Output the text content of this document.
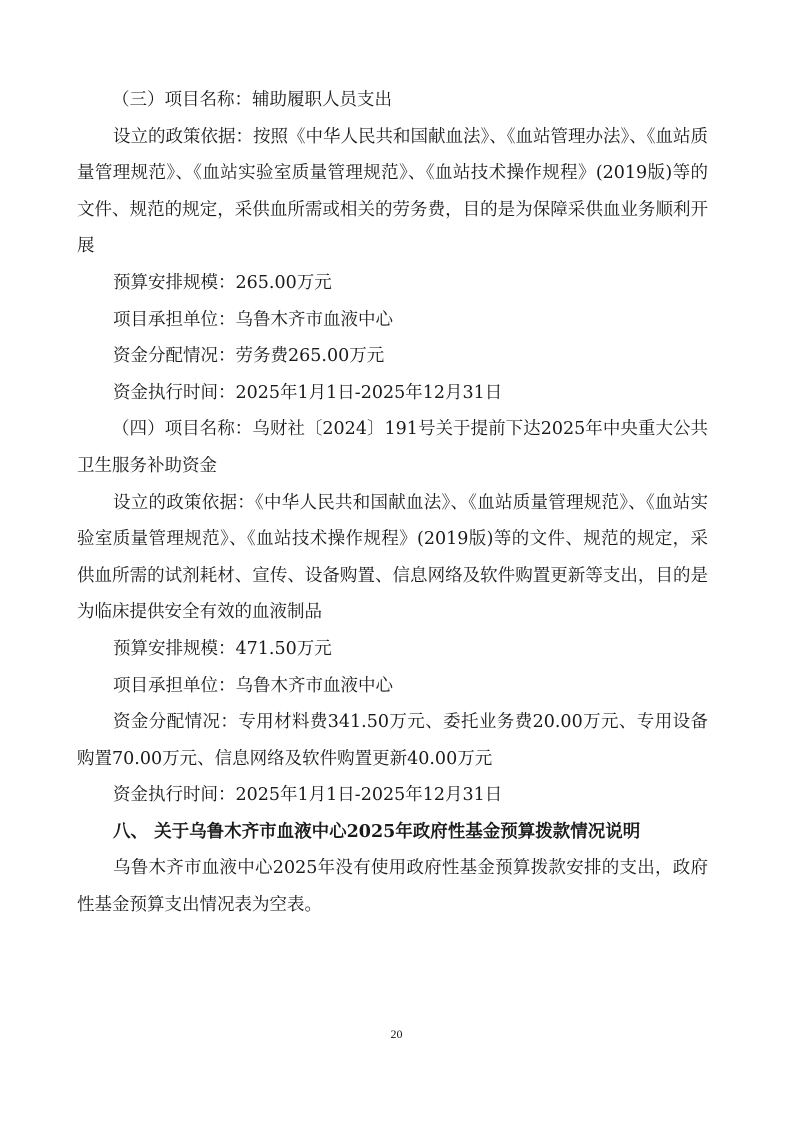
（三）项目名称：辅助履职人员支出

设立的政策依据：按照《中华人民共和国献血法》、《血站管理办法》、《血站质量管理规范》、《血站实验室质量管理规范》、《血站技术操作规程》(2019版)等的文件、规范的规定，采供血所需或相关的劳务费，目的是为保障采供血业务顺利开展

预算安排规模：265.00万元

项目承担单位：乌鲁木齐市血液中心

资金分配情况：劳务费265.00万元

资金执行时间：2025年1月1日-2025年12月31日

（四）项目名称：乌财社〔2024〕191号关于提前下达2025年中央重大公共卫生服务补助资金

设立的政策依据：《中华人民共和国献血法》、《血站质量管理规范》、《血站实验室质量管理规范》、《血站技术操作规程》(2019版)等的文件、规范的规定，采供血所需的试剂耗材、宣传、设备购置、信息网络及软件购置更新等支出，目的是为临床提供安全有效的血液制品

预算安排规模：471.50万元

项目承担单位：乌鲁木齐市血液中心

资金分配情况：专用材料费341.50万元、委托业务费20.00万元、专用设备购置70.00万元、信息网络及软件购置更新40.00万元

资金执行时间：2025年1月1日-2025年12月31日

八、 关于乌鲁木齐市血液中心2025年政府性基金预算拨款情况说明

乌鲁木齐市血液中心2025年没有使用政府性基金预算拨款安排的支出，政府性基金预算支出情况表为空表。

20
